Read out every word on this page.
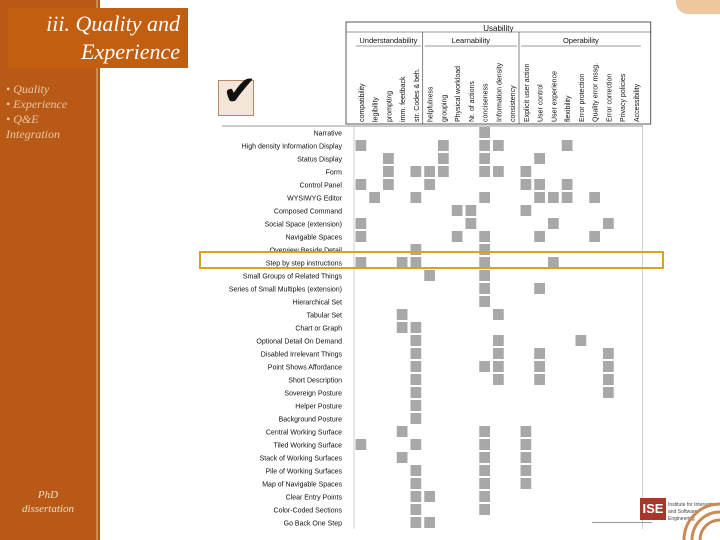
iii. Quality and
Experience
• Quality
• Experience
• Q&E
Integration
PhD
dissertation
Usability
Understandability	Learnability	Operability
compatibility legibility prompting imm. feedback str. Codes & beh. helpfulness grouping Physical workload Nr. of actions conciseness Information density consistency Explicit user action User control User experience flexibility Error protection Quality error mssg. Error correction Privacy policies Accessibility
Narrative
High density Information Display
Status Display
Form
Control Panel
WYSIWYG Editor
Composed Command
Social Space (extension)
Navigable Spaces
Overview Beside Detail
Step by step instructions
Small Groups of Related Things
Series of Small Multiples (extension)
Hierarchical Set
Tabular Set
Chart or Graph
Optional Detail On Demand
Disabled Irrelevant Things
Point Shows Affordance
Short Description
Sovereign Posture
Helper Posture
Background Posture
Central Working Surface
Tiled Working Surface
Stack of Working Surfaces
Pile of Working Surfaces
Map of Navigable Spaces
Clear Entry Points
Color-Coded Sections
Go Back One Step
✔
ISE Institute for Interaction and Software Engineering
